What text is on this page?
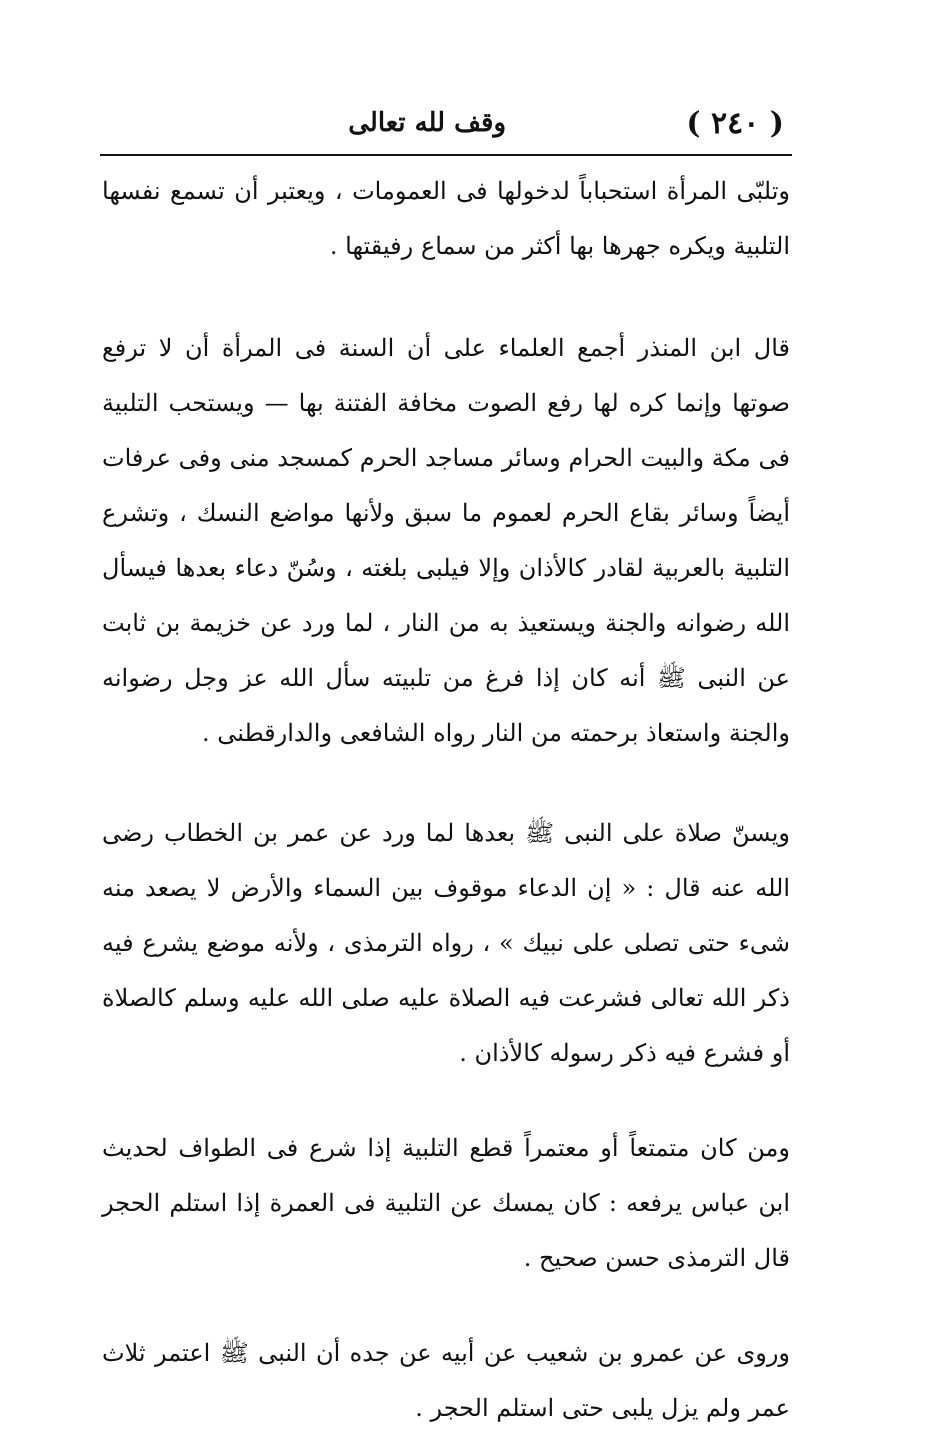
( ٢٤٠ )
وقف لله تعالى

وتلبّى المرأة استحباباً لدخولها فى العمومات ، ويعتبر أن تسمع نفسها التلبية ويكره جهرها بها أكثر من سماع رفيقتها .

قال ابن المنذر أجمع العلماء على أن السنة فى المرأة أن لا ترفع صوتها وإنما كره لها رفع الصوت مخافة الفتنة بها — ويستحب التلبية فى مكة والبيت الحرام وسائر مساجد الحرم كمسجد منى وفى عرفات أيضاً وسائر بقاع الحرم لعموم ما سبق ولأنها مواضع النسك ، وتشرع التلبية بالعربية لقادر كالأذان وإلا فيلبى بلغته ، وسُنّ دعاء بعدها فيسأل الله رضوانه والجنة ويستعيذ به من النار ، لما ورد عن خزيمة بن ثابت عن النبى ﷺ أنه كان إذا فرغ من تلبيته سأل الله عز وجل رضوانه والجنة واستعاذ برحمته من النار رواه الشافعى والدارقطنى .

ويسنّ صلاة على النبى ﷺ بعدها لما ورد عن عمر بن الخطاب رضى الله عنه قال : « إن الدعاء موقوف بين السماء والأرض لا يصعد منه شىء حتى تصلى على نبيك » ، رواه الترمذى ، ولأنه موضع يشرع فيه ذكر الله تعالى فشرعت فيه الصلاة عليه صلى الله عليه وسلم كالصلاة أو فشرع فيه ذكر رسوله كالأذان .

ومن كان متمتعاً أو معتمراً قطع التلبية إذا شرع فى الطواف لحديث ابن عباس يرفعه : كان يمسك عن التلبية فى العمرة إذا استلم الحجر قال الترمذى حسن صحيح .

وروى عن عمرو بن شعيب عن أبيه عن جده أن النبى ﷺ اعتمر ثلاث عمر ولم يزل يلبى حتى استلم الحجر .
